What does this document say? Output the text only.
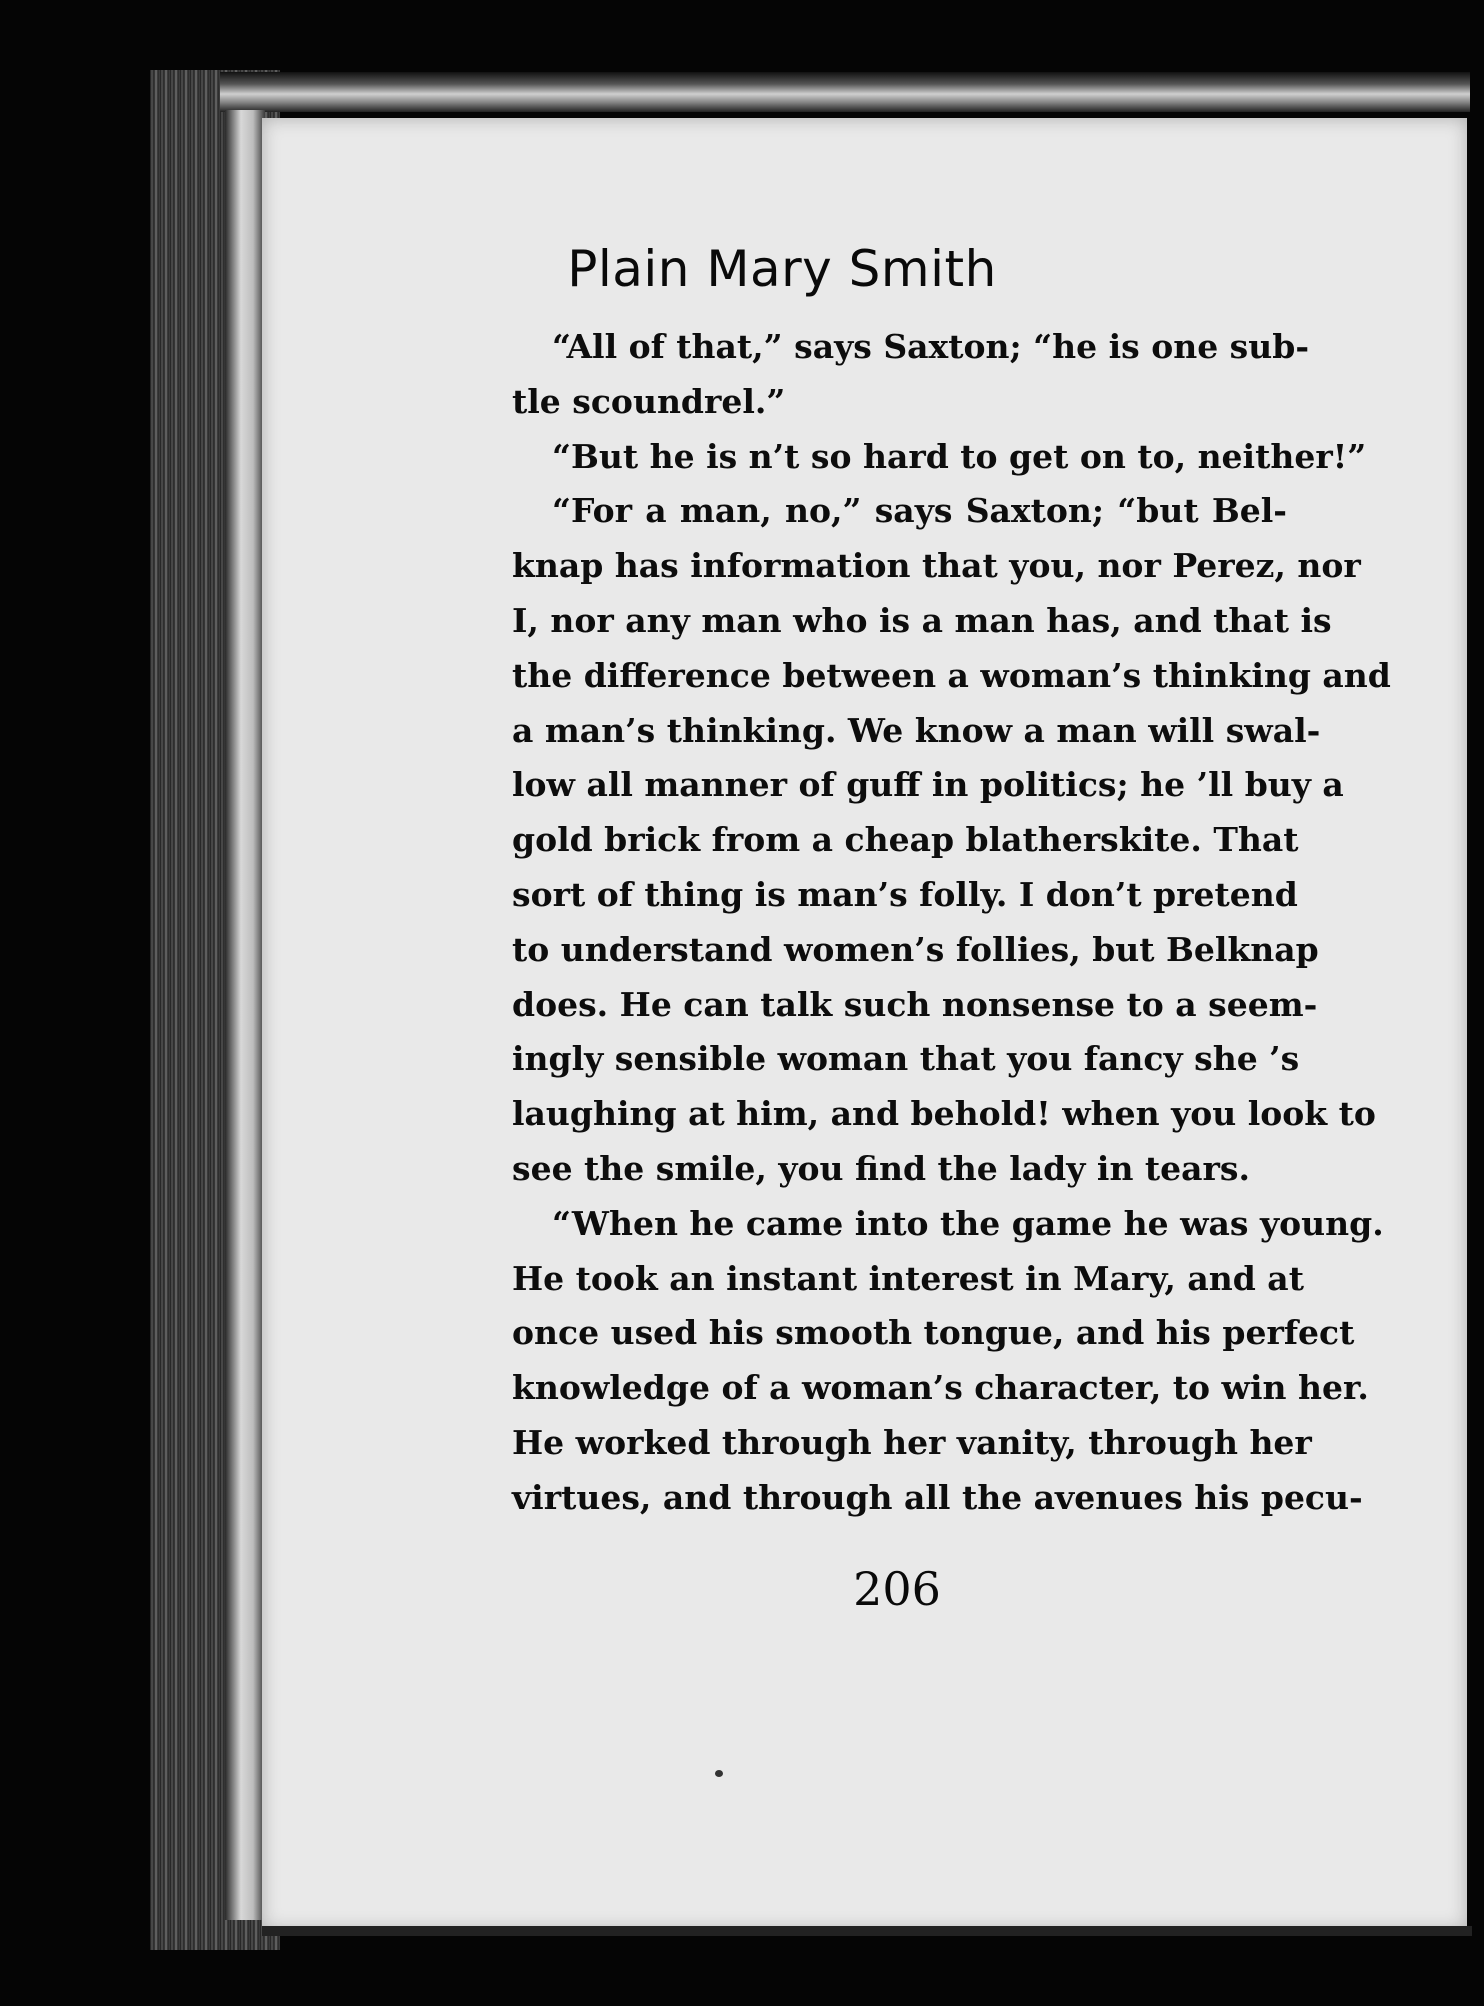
Plain Mary Smith
“All of that,” says Saxton; “he is one sub-
tle scoundrel.”
“But he is n’t so hard to get on to, neither!”
“For a man, no,” says Saxton; “but Bel-
knap has information that you, nor Perez, nor
I, nor any man who is a man has, and that is
the difference between a woman’s thinking and
a man’s thinking. We know a man will swal-
low all manner of guff in politics; he ’ll buy a
gold brick from a cheap blatherskite. That
sort of thing is man’s folly. I don’t pretend
to understand women’s follies, but Belknap
does. He can talk such nonsense to a seem-
ingly sensible woman that you fancy she ’s
laughing at him, and behold! when you look to
see the smile, you find the lady in tears.
“When he came into the game he was young.
He took an instant interest in Mary, and at
once used his smooth tongue, and his perfect
knowledge of a woman’s character, to win her.
He worked through her vanity, through her
virtues, and through all the avenues his pecu-
206
